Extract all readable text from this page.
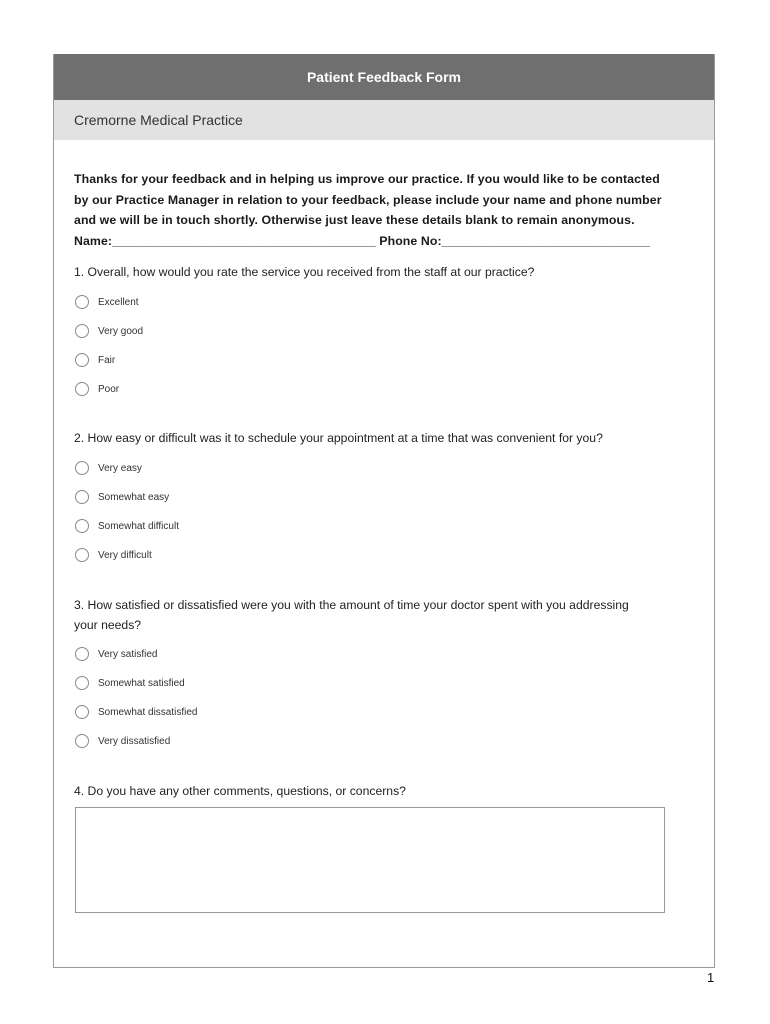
Patient Feedback Form
Cremorne Medical Practice

Thanks for your feedback and in helping us improve our practice. If you would like to be contacted
by our Practice Manager in relation to your feedback, please include your name and phone number
and we will be in touch shortly. Otherwise just leave these details blank to remain anonymous.
Name:______________________________________ Phone No:______________________________

1. Overall, how would you rate the service you received from the staff at our practice?
Excellent
Very good
Fair
Poor
2. How easy or difficult was it to schedule your appointment at a time that was convenient for you?
Very easy
Somewhat easy
Somewhat difficult
Very difficult
3. How satisfied or dissatisfied were you with the amount of time your doctor spent with you addressing
your needs?
Very satisfied
Somewhat satisfied
Somewhat dissatisfied
Very dissatisfied
4. Do you have any other comments, questions, or concerns?
1
